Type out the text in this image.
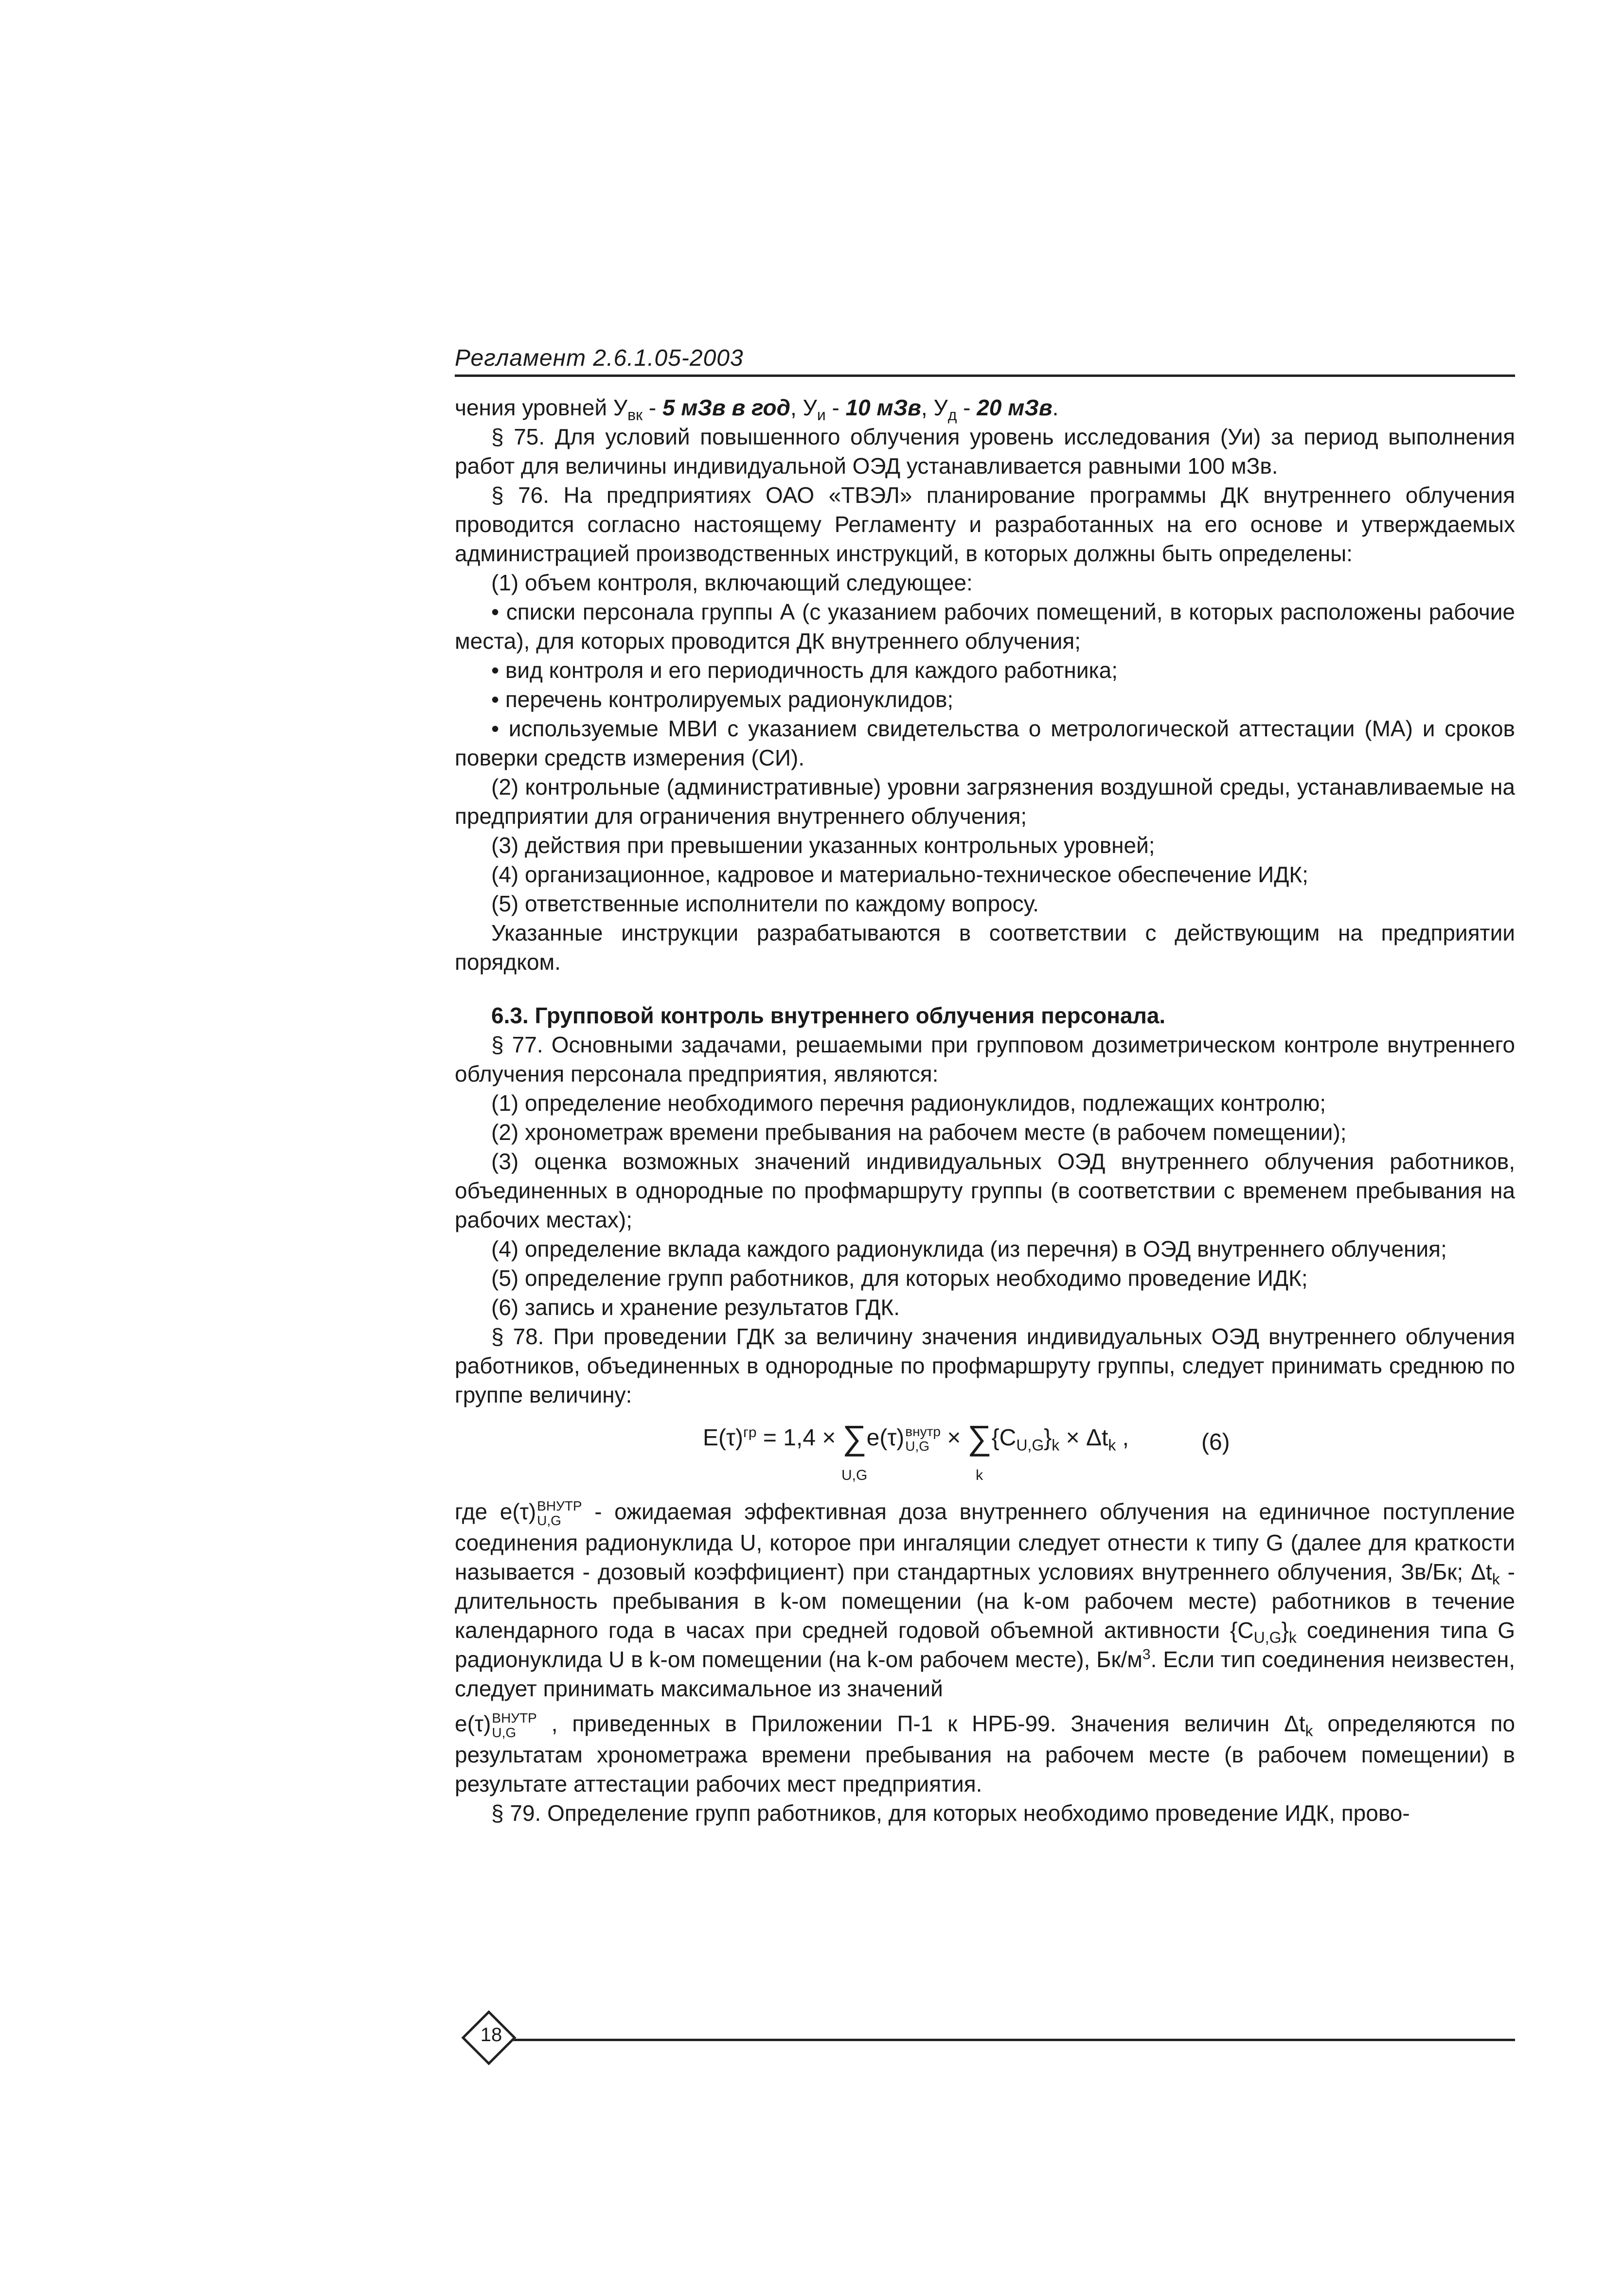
Регламент 2.6.1.05-2003

чения уровней $У_{вк} - 5$ мЗв в год, $У_и - 10$ мЗв, $У_д - 20$ мЗв.

§ 75. Для условий повышенного облучения уровень исследования (Уи) за период выполнения работ для величины индивидуальной ОЭД устанавливается равными 100 мЗв.

§ 76. На предприятиях ОАО «ТВЭЛ» планирование программы ДК внутреннего облучения проводится согласно настоящему Регламенту и разработанных на его основе и утверждаемых администрацией производственных инструкций, в которых должны быть определены:

(1) объем контроля, включающий следующее:

• списки персонала группы А (с указанием рабочих помещений, в которых расположены рабочие места), для которых проводится ДК внутреннего облучения;

• вид контроля и его периодичность для каждого работника;

• перечень контролируемых радионуклидов;

• используемые МВИ с указанием свидетельства о метрологической аттестации (МА) и сроков поверки средств измерения (СИ).

(2) контрольные (административные) уровни загрязнения воздушной среды, устанавливаемые на предприятии для ограничения внутреннего облучения;

(3) действия при превышении указанных контрольных уровней;

(4) организационное, кадровое и материально-техническое обеспечение ИДК;

(5) ответственные исполнители по каждому вопросу.

Указанные инструкции разрабатываются в соответствии с действующим на предприятии порядком.

6.3. Групповой контроль внутреннего облучения персонала.

§ 77. Основными задачами, решаемыми при групповом дозиметрическом контроле внутреннего облучения персонала предприятия, являются:

(1) определение необходимого перечня радионуклидов, подлежащих контролю;

(2) хронометраж времени пребывания на рабочем месте (в рабочем помещении);

(3) оценка возможных значений индивидуальных ОЭД внутреннего облучения работников, объединенных в однородные по профмаршруту группы (в соответствии с временем пребывания на рабочих местах);

(4) определение вклада каждого радионуклида (из перечня) в ОЭД внутреннего облучения;

(5) определение групп работников, для которых необходимо проведение ИДК;

(6) запись и хранение результатов ГДК.

§ 78. При проведении ГДК за величину значения индивидуальных ОЭД внутреннего облучения работников, объединенных в однородные по профмаршруту группы, следует принимать среднюю по группе величину:

$E(\tau)^{гр} = 1,4$ × ∑
U,G
e(τ) внутр
U,G × ∑
k
$\{C_{U,G}\}_k \times \Delta t_k$ ,	(6)

где e(τ) ВНУТР
U,G - ожидаемая эффективная доза внутреннего облучения на единичное поступление соединения радионуклида U, которое при ингаляции следует отнести к типу G (далее для краткости называется - дозовый коэффициент) при стандартных условиях внутреннего облучения, Зв/Бк; $\Delta t_k$ - длительность пребывания в k-ом помещении (на k-ом рабочем месте) работников в течение календарного года в часах при средней годовой объемной активности $\{C_{U,G}\}_k$ соединения типа G радионуклида U в k-ом помещении (на k-ом рабочем месте), $Бк/м^3$. Если тип соединения неизвестен, следует принимать максимальное из значений

e(τ) ВНУТР
U,G , приведенных в Приложении П-1 к НРБ-99. Значения величин $\Delta t_k$ определяются по результатам хронометража времени пребывания на рабочем месте (в рабочем помещении) в результате аттестации рабочих мест предприятия.

§ 79. Определение групп работников, для которых необходимо проведение ИДК, прово-

18
